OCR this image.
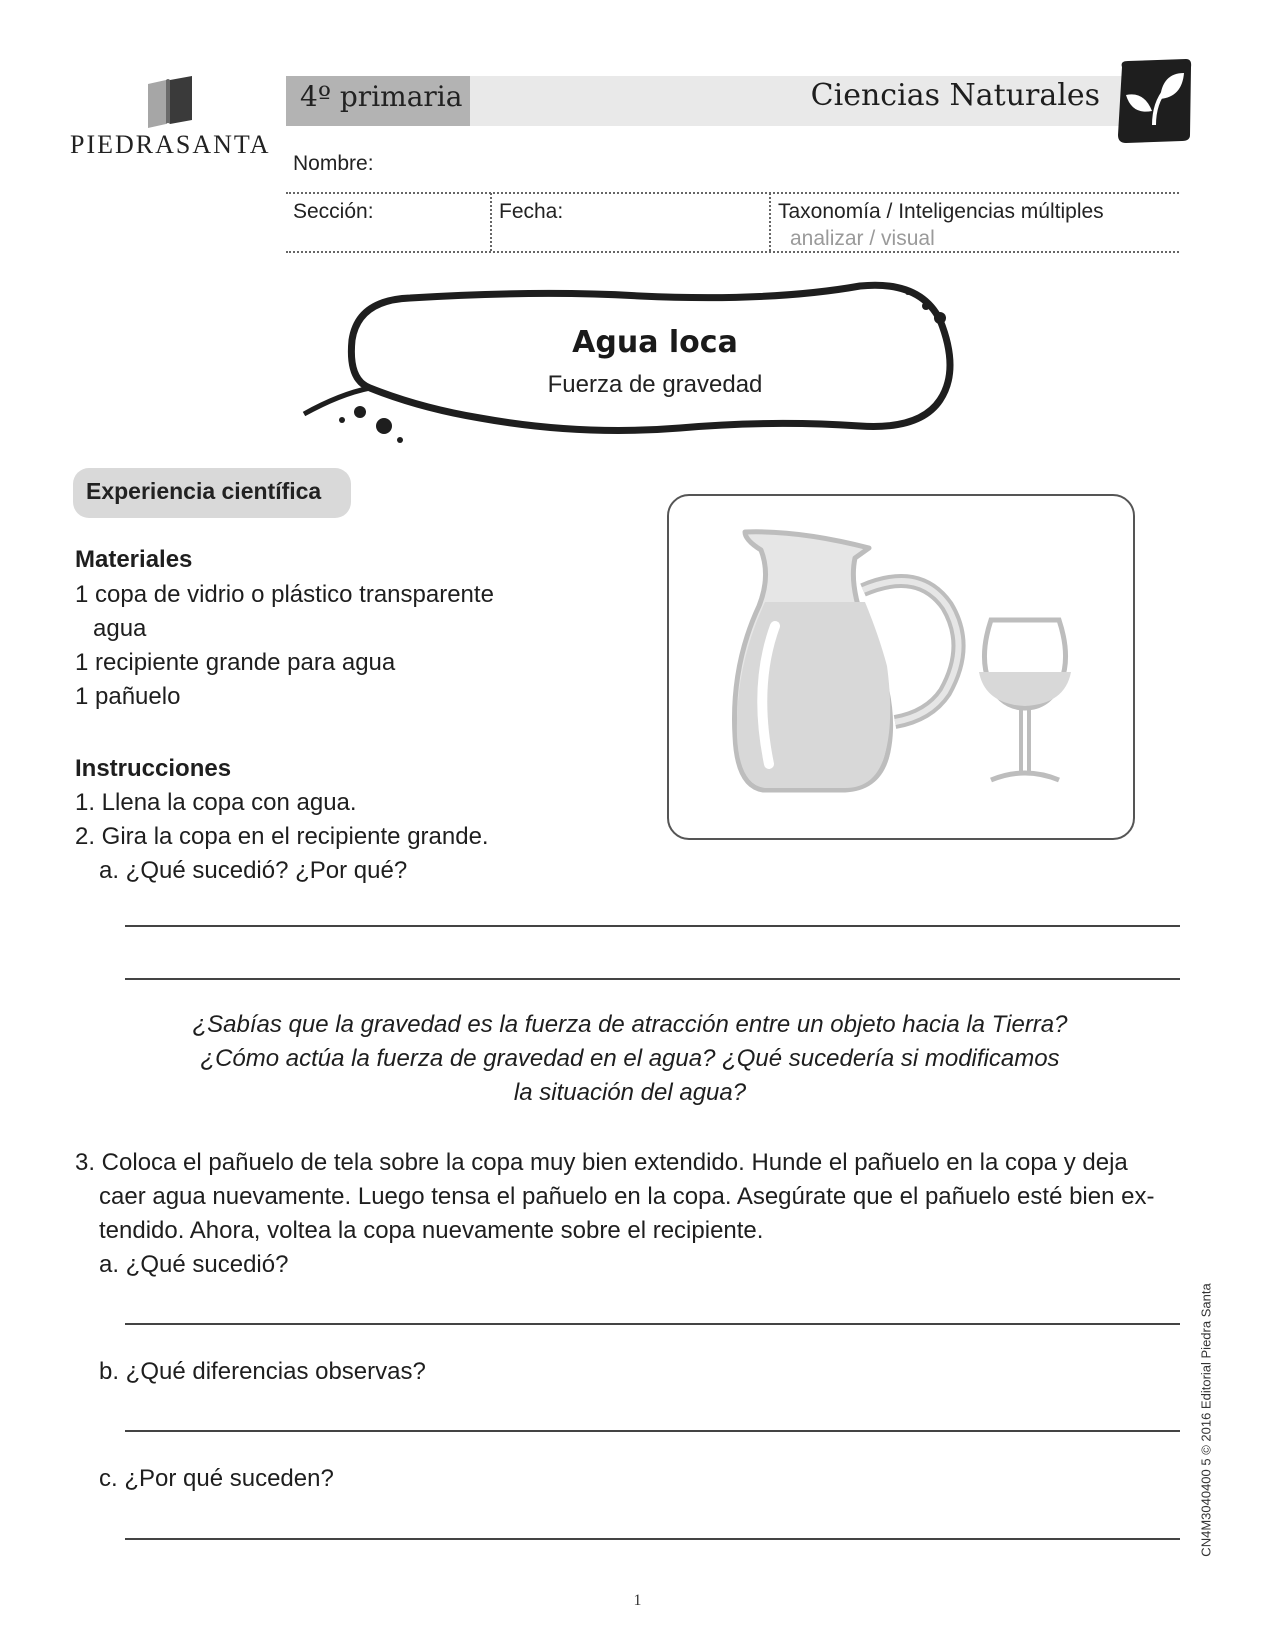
PIEDRASANTA
4º primaria	Ciencias Naturales
Nombre:
Sección:	Fecha:	Taxonomía / Inteligencias múltiples
analizar / visual
Agua loca
Fuerza de gravedad
Experiencia científica
Materiales
1 copa de vidrio o plástico transparente
agua
1 recipiente grande para agua
1 pañuelo
Instrucciones
1. Llena la copa con agua.
2. Gira la copa en el recipiente grande.
a. ¿Qué sucedió? ¿Por qué?
¿Sabías que la gravedad es la fuerza de atracción entre un objeto hacia la Tierra?
¿Cómo actúa la fuerza de gravedad en el agua? ¿Qué sucedería si modificamos
la situación del agua?
3. Coloca el pañuelo de tela sobre la copa muy bien extendido. Hunde el pañuelo en la copa y deja
caer agua nuevamente. Luego tensa el pañuelo en la copa. Asegúrate que el pañuelo esté bien ex-
tendido. Ahora, voltea la copa nuevamente sobre el recipiente.
a. ¿Qué sucedió?
b. ¿Qué diferencias observas?
c. ¿Por qué suceden?	CN4M3040400 5 © 2016 Editorial Piedra Santa
1
